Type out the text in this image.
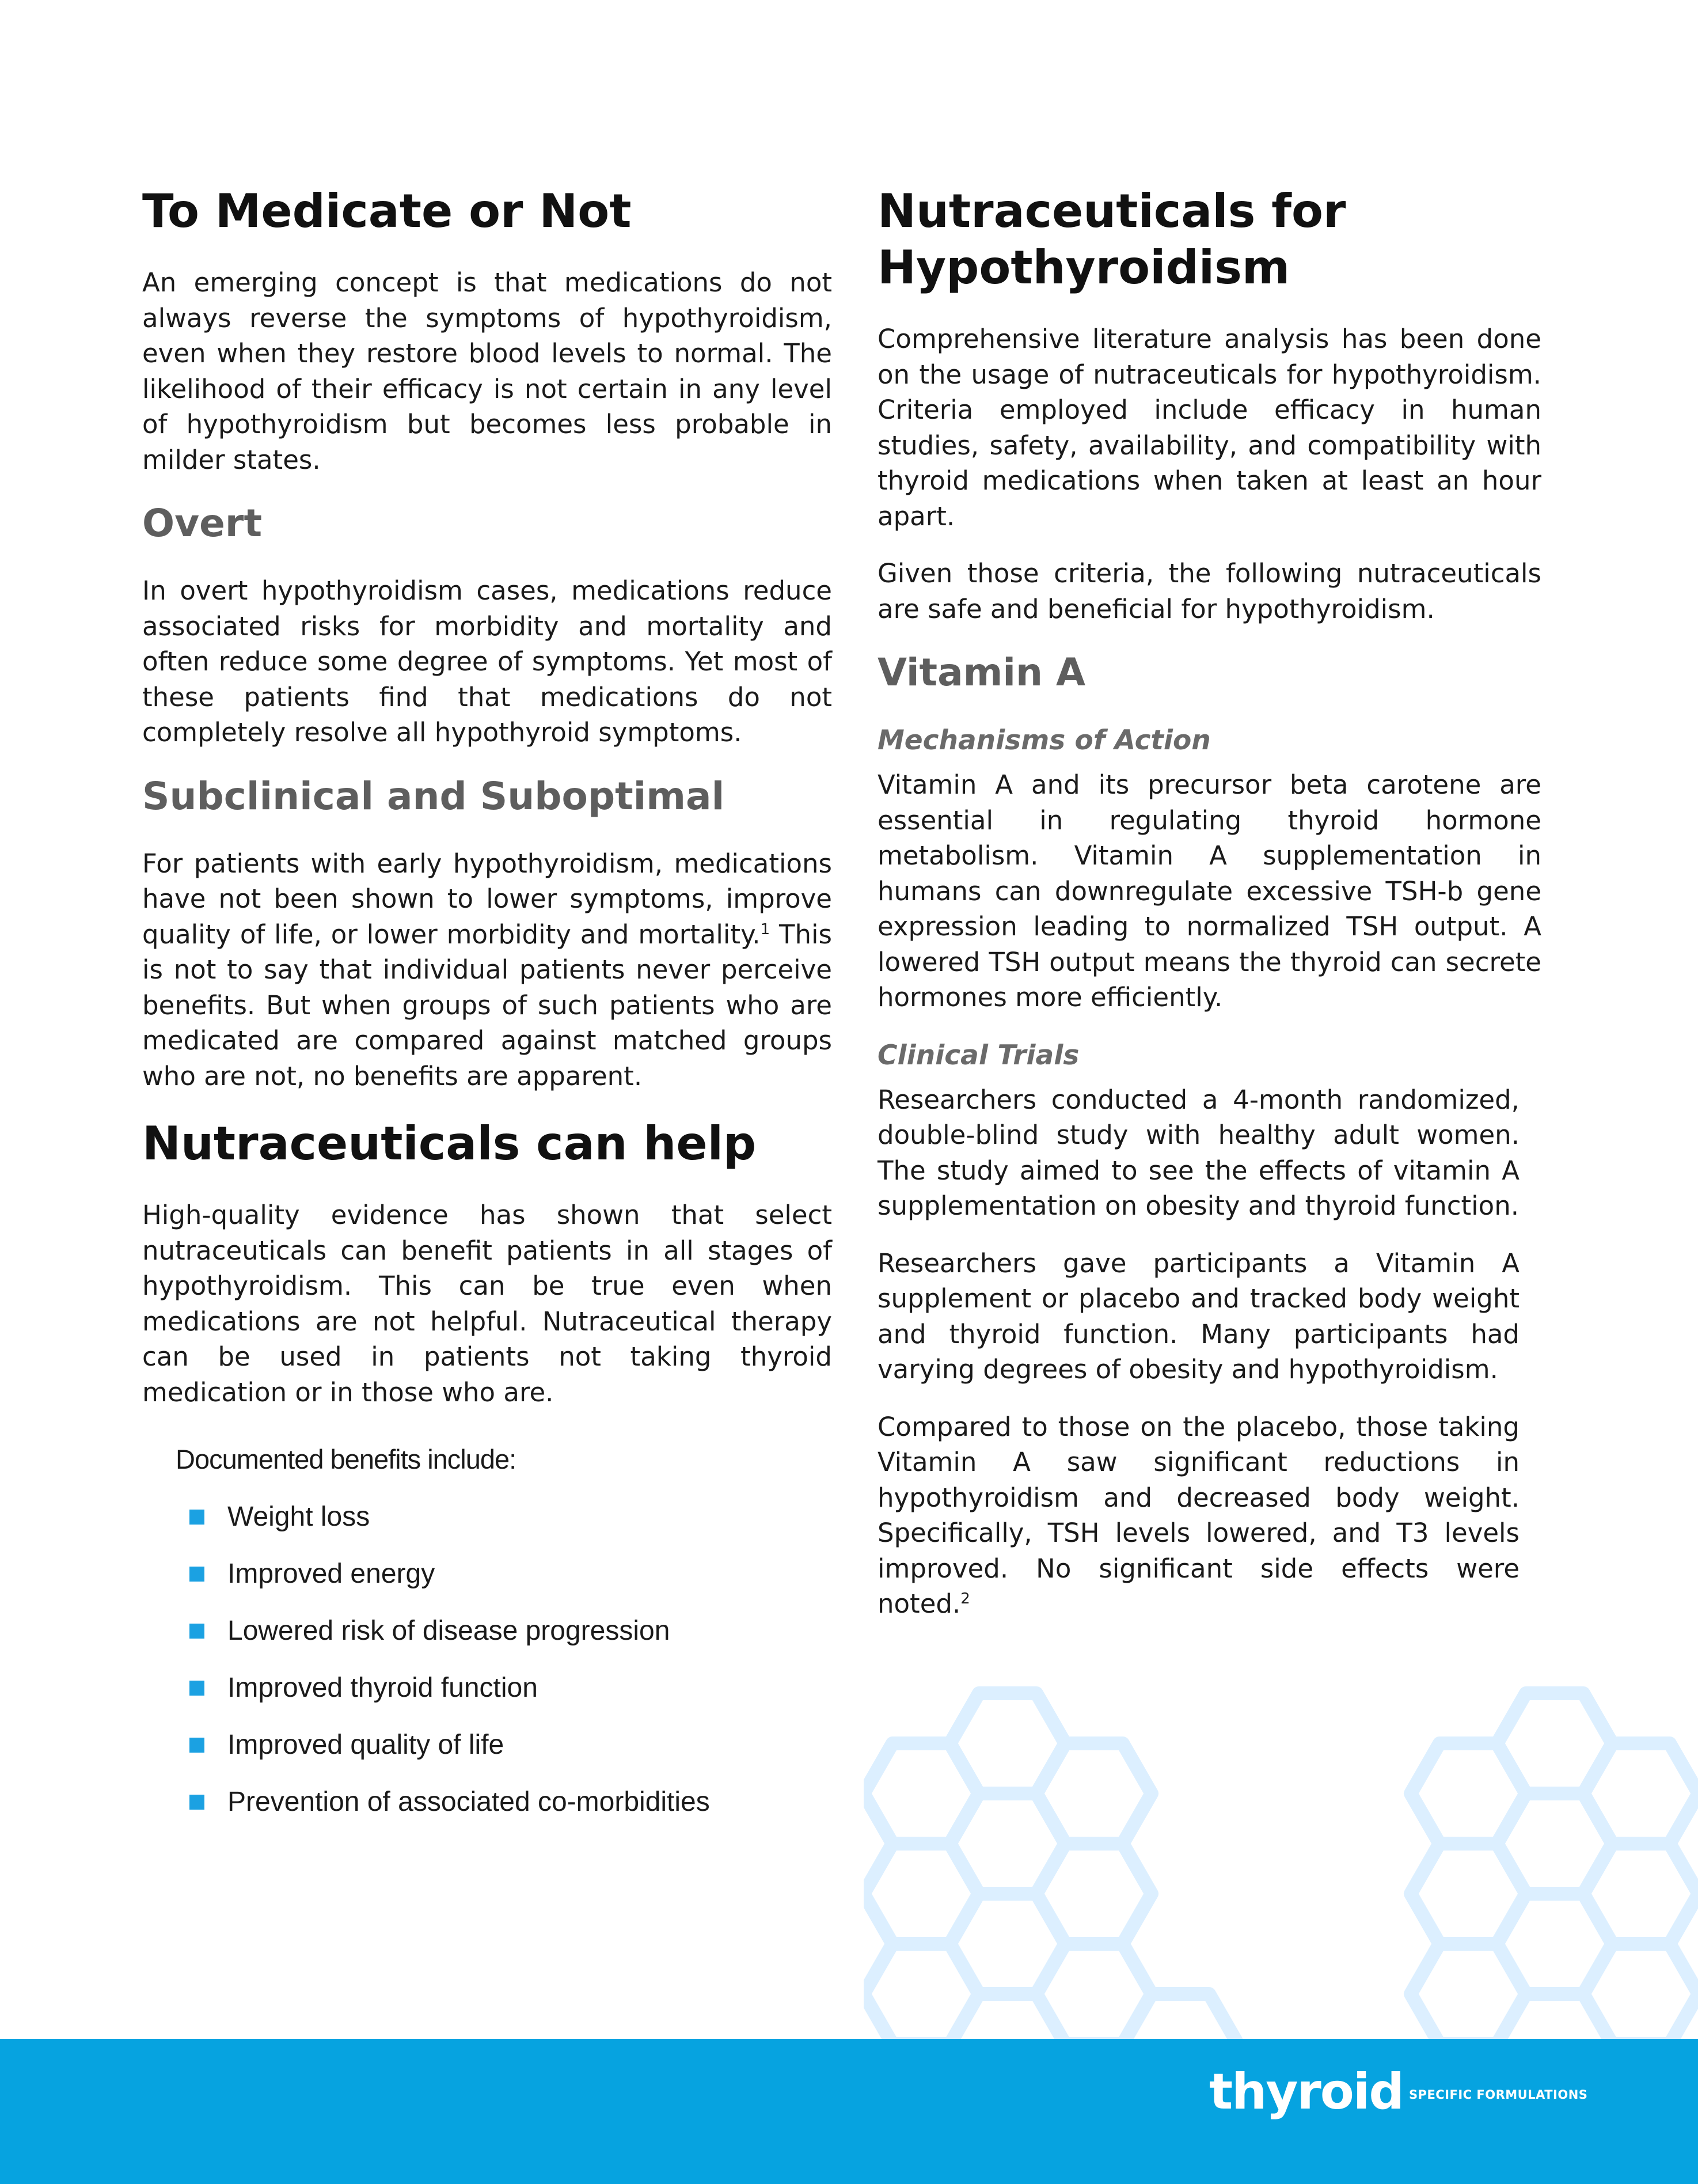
To Medicate or Not

An emerging concept is that medications do not always reverse the symptoms of hypothyroidism, even when they restore blood levels to normal. The likelihood of their efficacy is not certain in any level of hypothyroidism but becomes less probable in milder states.

Overt

In overt hypothyroidism cases, medications reduce associated risks for morbidity and mortality and often reduce some degree of symptoms. Yet most of these patients find that medications do not completely resolve all hypothyroid symptoms.

Subclinical and Suboptimal

For patients with early hypothyroidism, medications have not been shown to lower symptoms, improve quality of life, or lower morbidity and mortality.$^1$ This is not to say that individual patients never perceive benefits. But when groups of such patients who are medicated are compared against matched groups who are not, no benefits are apparent.

Nutraceuticals can help

High-quality evidence has shown that select nutraceuticals can benefit patients in all stages of hypothyroidism. This can be true even when medications are not helpful. Nutraceutical therapy can be used in patients not taking thyroid medication or in those who are.

Documented benefits include:
Weight loss
Improved energy
Lowered risk of disease progression
Improved thyroid function
Improved quality of life
Prevention of associated co-morbidities
Nutraceuticals for Hypothyroidism

Comprehensive literature analysis has been done on the usage of nutraceuticals for hypothyroidism. Criteria employed include efficacy in human studies, safety, availability, and compatibility with thyroid medications when taken at least an hour apart.

Given those criteria, the following nutraceuticals are safe and beneficial for hypothyroidism.

Vitamin A
Mechanisms of Action

Vitamin A and its precursor beta carotene are essential in regulating thyroid hormone metabolism. Vitamin A supplementation in humans can downregulate excessive TSH-b gene expression leading to normalized TSH output. A lowered TSH output means the thyroid can secrete hormones more efficiently.

Clinical Trials

Researchers conducted a 4-month randomized, double-blind study with healthy adult women. The study aimed to see the effects of vitamin A supplementation on obesity and thyroid function.

Researchers gave participants a Vitamin A supplement or placebo and tracked body weight and thyroid function. Many participants had varying degrees of obesity and hypothyroidism.

Compared to those on the placebo, those taking Vitamin A saw significant reductions in hypothyroidism and decreased body weight. Specifically, TSH levels lowered, and T3 levels improved. No significant side effects were noted.$^2$

thyroid SPECIFIC FORMULATIONS
